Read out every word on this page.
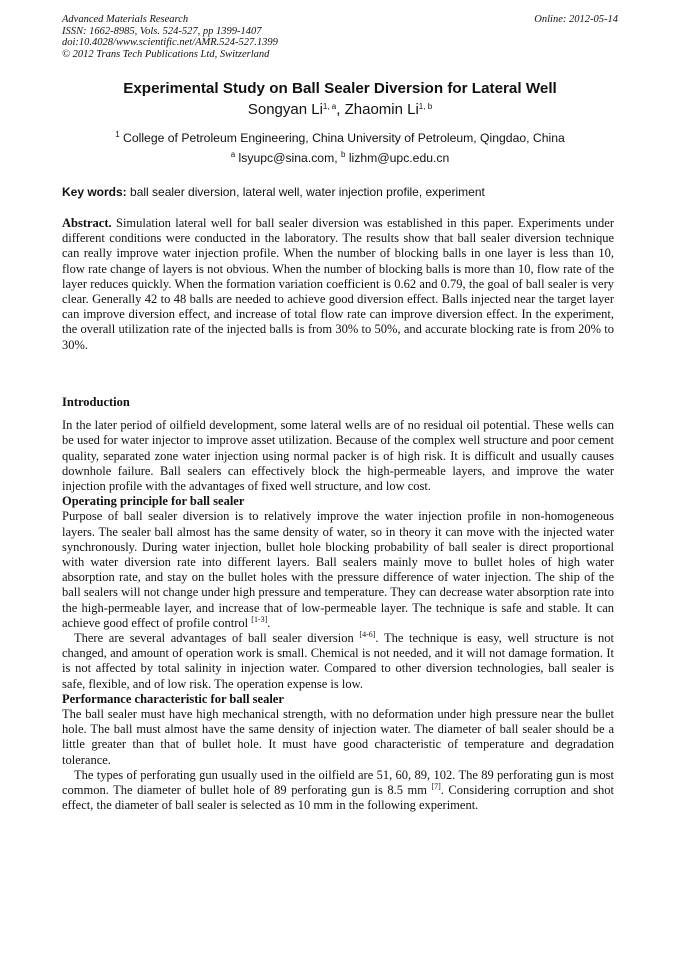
Advanced Materials Research
ISSN: 1662-8985, Vols. 524-527, pp 1399-1407
doi:10.4028/www.scientific.net/AMR.524-527.1399
© 2012 Trans Tech Publications Ltd, Switzerland
Online: 2012-05-14
Experimental Study on Ball Sealer Diversion for Lateral Well
Songyan Li$^{1, a}$, Zhaomin Li$^{1, b}$
$^1$ College of Petroleum Engineering, China University of Petroleum, Qingdao, China
$^a$ lsyupc@sina.com, $^b$ lizhm@upc.edu.cn
Key words: ball sealer diversion, lateral well, water injection profile, experiment

Abstract. Simulation lateral well for ball sealer diversion was established in this paper. Experiments under different conditions were conducted in the laboratory. The results show that ball sealer diversion technique can really improve water injection profile. When the number of blocking balls in one layer is less than 10, flow rate change of layers is not obvious. When the number of blocking balls is more than 10, flow rate of the layer reduces quickly. When the formation variation coefficient is 0.62 and 0.79, the goal of ball sealer is very clear. Generally 42 to 48 balls are needed to achieve good diversion effect. Balls injected near the target layer can improve diversion effect, and increase of total flow rate can improve diversion effect. In the experiment, the overall utilization rate of the injected balls is from 30% to 50%, and accurate blocking rate is from 20% to 30%.

Introduction

In the later period of oilfield development, some lateral wells are of no residual oil potential. These wells can be used for water injector to improve asset utilization. Because of the complex well structure and poor cement quality, separated zone water injection using normal packer is of high risk. It is difficult and usually causes downhole failure. Ball sealers can effectively block the high-permeable layers, and improve the water injection profile with the advantages of fixed well structure, and low cost.

Operating principle for ball sealer

Purpose of ball sealer diversion is to relatively improve the water injection profile in non-homogeneous layers. The sealer ball almost has the same density of water, so in theory it can move with the injected water synchronously. During water injection, bullet hole blocking probability of ball sealer is direct proportional with water diversion rate into different layers. Ball sealers mainly move to bullet holes of high water absorption rate, and stay on the bullet holes with the pressure difference of water injection. The ship of the ball sealers will not change under high pressure and temperature. They can decrease water absorption rate into the high-permeable layer, and increase that of low-permeable layer. The technique is safe and stable. It can achieve good effect of profile control [1-3].

There are several advantages of ball sealer diversion [4-6]. The technique is easy, well structure is not changed, and amount of operation work is small. Chemical is not needed, and it will not damage formation. It is not affected by total salinity in injection water. Compared to other diversion technologies, ball sealer is safe, flexible, and of low risk. The operation expense is low.

Performance characteristic for ball sealer

The ball sealer must have high mechanical strength, with no deformation under high pressure near the bullet hole. The ball must almost have the same density of injection water. The diameter of ball sealer should be a little greater than that of bullet hole. It must have good characteristic of temperature and degradation tolerance.

The types of perforating gun usually used in the oilfield are 51, 60, 89, 102. The 89 perforating gun is most common. The diameter of bullet hole of 89 perforating gun is 8.5 mm [7]. Considering corruption and shot effect, the diameter of ball sealer is selected as 10 mm in the following experiment.
